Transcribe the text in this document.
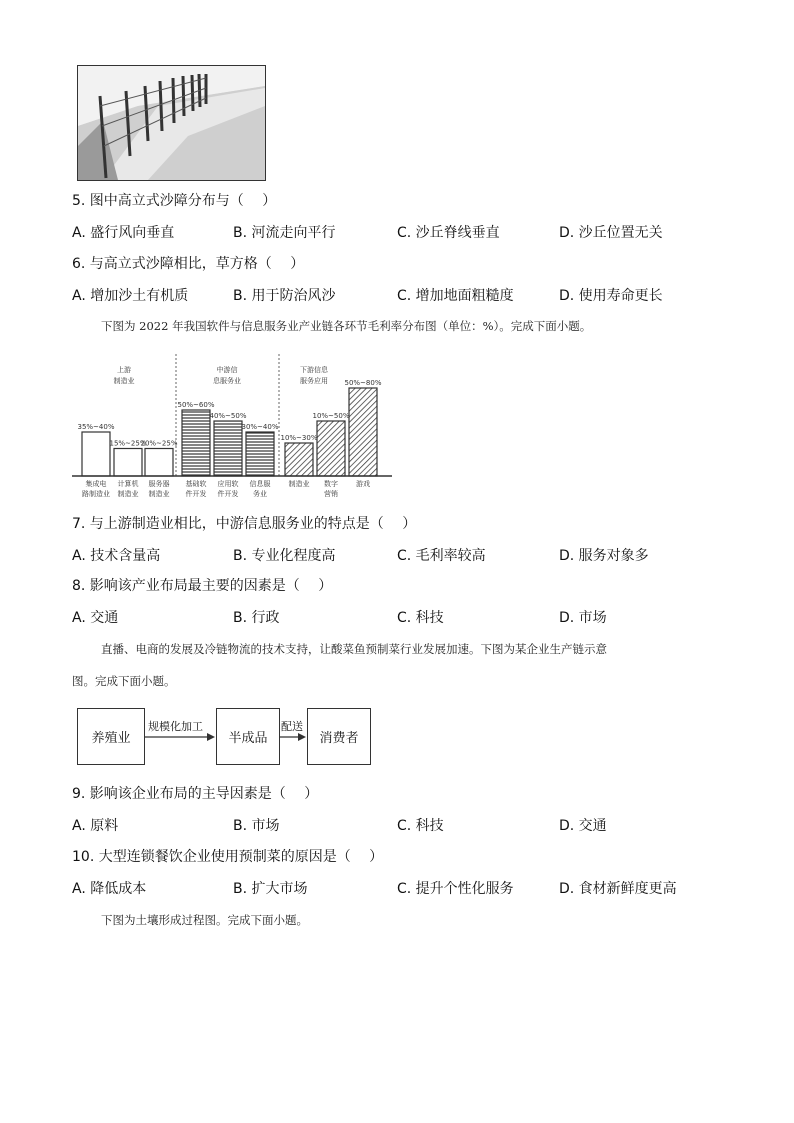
5. 图中高立式沙障分布与（　 ）
A. 盛行风向垂直	B. 河流走向平行	C. 沙丘脊线垂直	D. 沙丘位置无关
6. 与高立式沙障相比，草方格（　 ）
A. 增加沙土有机质	B. 用于防治风沙	C. 增加地面粗糙度	D. 使用寿命更长
下图为 2022 年我国软件与信息服务业产业链各环节毛利率分布图（单位：%）。完成下面小题。
上游
制造业
中游信
息服务业
下游信息
服务应用
35%~40%
15%~25%
20%~25%
50%~60%
40%~50%
30%~40%
10%~30%
10%~50%
50%~80%
集成电
路制造业
计算机
制造业
服务器
制造业
基础软
件开发
应用软
件开发
信息服
务业
制造业 数字
营销
游戏
7. 与上游制造业相比，中游信息服务业的特点是（　 ）
A. 技术含量高	B. 专业化程度高	C. 毛利率较高	D. 服务对象多
8. 影响该产业布局最主要的因素是（　 ）
A. 交通	B. 行政	C. 科技	D. 市场
直播、电商的发展及冷链物流的技术支持，让酸菜鱼预制菜行业发展加速。下图为某企业生产链示意
图。完成下面小题。
养殖业
规模化加工
半成品
配送
消费者
9. 影响该企业布局的主导因素是（　 ）
A. 原料	B. 市场	C. 科技	D. 交通
10. 大型连锁餐饮企业使用预制菜的原因是（　 ）
A. 降低成本	B. 扩大市场	C. 提升个性化服务	D. 食材新鲜度更高
下图为土壤形成过程图。完成下面小题。
